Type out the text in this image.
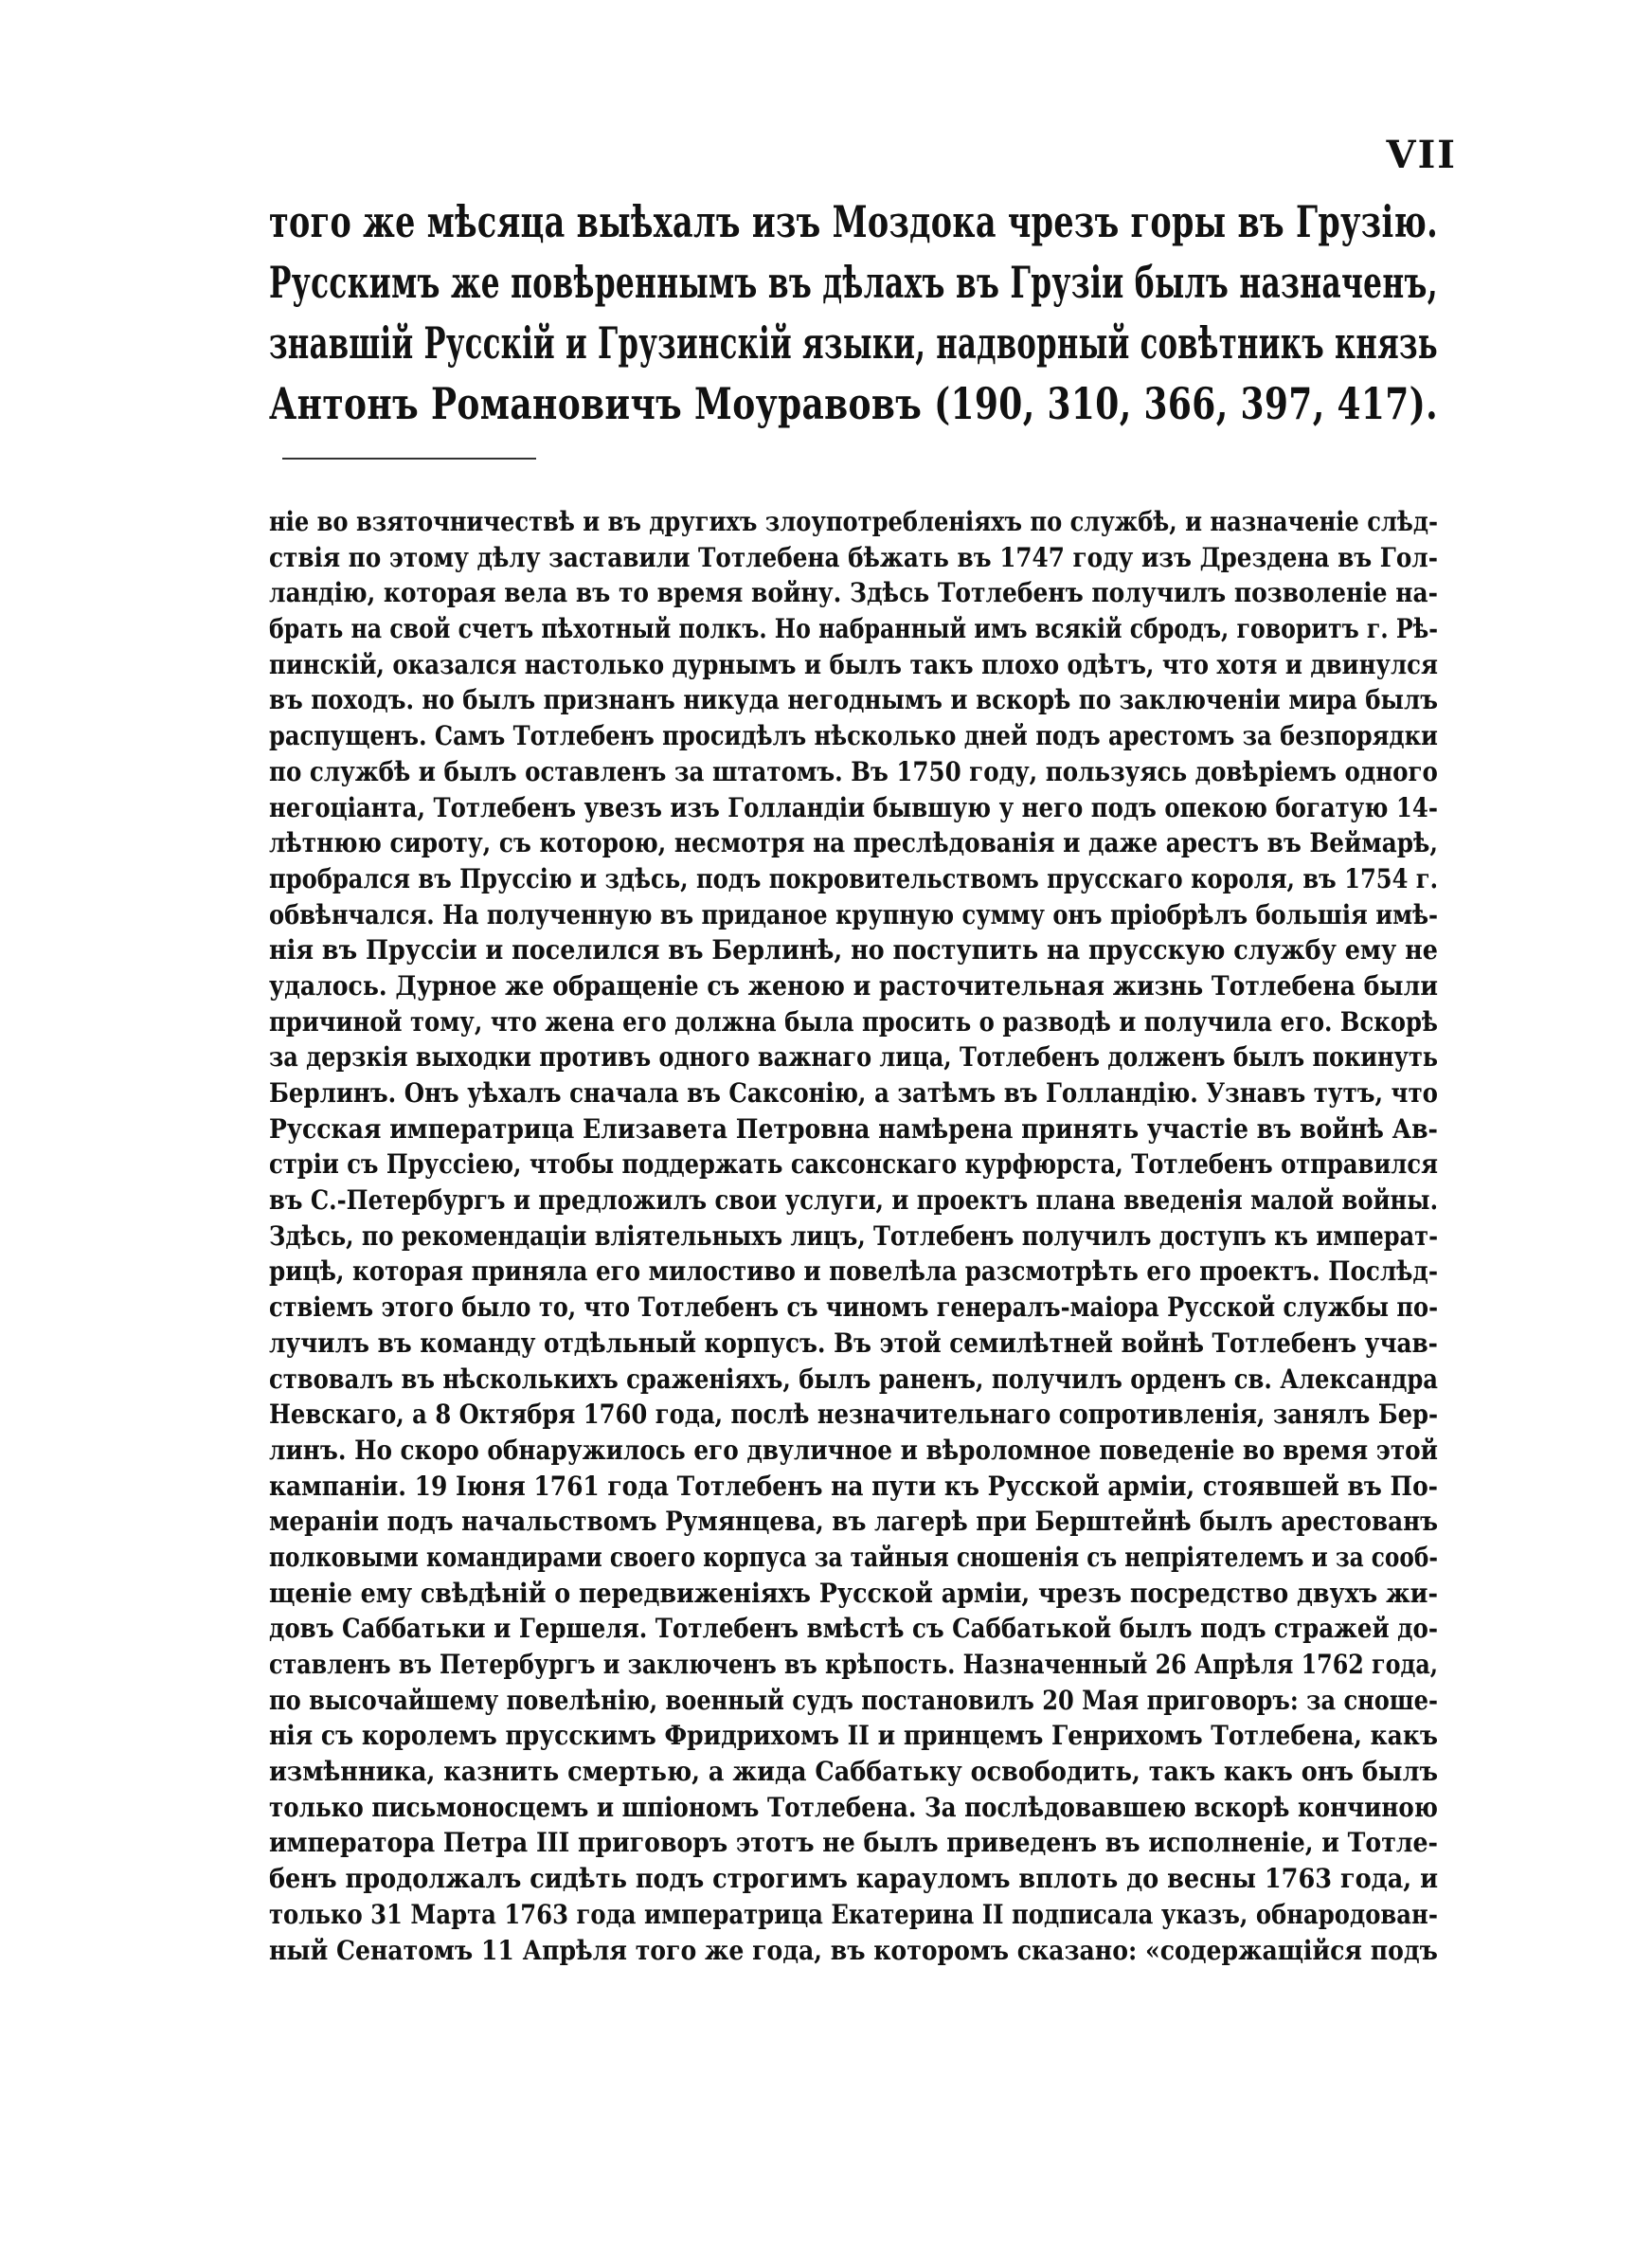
VII
того же мѣсяца выѣхалъ изъ Моздока чрезъ горы въ Грузію.
Русскимъ же повѣреннымъ въ дѣлахъ въ Грузіи былъ назначенъ,
знавшій Русскій и Грузинскій языки, надворный совѣтникъ князь
Антонъ Романовичъ Моуравовъ (190, 310, 366, 397, 417).
ніе во взяточничествѣ и въ другихъ злоупотребленіяхъ по службѣ, и назначеніе слѣд-
ствія по этому дѣлу заставили Тотлебена бѣжать въ 1747 году изъ Дрездена въ Гол-
ландію, которая вела въ то время войну. Здѣсь Тотлебенъ получилъ позволеніе на-
брать на свой счетъ пѣхотный полкъ. Но набранный имъ всякій сбродъ, говоритъ г. Рѣ-
пинскій, оказался настолько дурнымъ и былъ такъ плохо одѣтъ, что хотя и двинулся
въ походъ. но былъ признанъ никуда негоднымъ и вскорѣ по заключеніи мира былъ
распущенъ. Самъ Тотлебенъ просидѣлъ нѣсколько дней подъ арестомъ за безпорядки
по службѣ и былъ оставленъ за штатомъ. Въ 1750 году, пользуясь довѣріемъ одного
негоціанта, Тотлебенъ увезъ изъ Голландіи бывшую у него подъ опекою богатую 14-
лѣтнюю сироту, съ которою, несмотря на преслѣдованія и даже арестъ въ Веймарѣ,
пробрался въ Пруссію и здѣсь, подъ покровительствомъ прусскаго короля, въ 1754 г.
обвѣнчался. На полученную въ приданое крупную сумму онъ пріобрѣлъ большія имѣ-
нія въ Пруссіи и поселился въ Берлинѣ, но поступить на прусскую службу ему не
удалось. Дурное же обращеніе съ женою и расточительная жизнь Тотлебена были
причиной тому, что жена его должна была просить о разводѣ и получила его. Вскорѣ
за дерзкія выходки противъ одного важнаго лица, Тотлебенъ долженъ былъ покинуть
Берлинъ. Онъ уѣхалъ сначала въ Саксонію, а затѣмъ въ Голландію. Узнавъ тутъ, что
Русская императрица Елизавета Петровна намѣрена принять участіе въ войнѣ Ав-
стріи съ Пруссіею, чтобы поддержать саксонскаго курфюрста, Тотлебенъ отправился
въ С.-Петербургъ и предложилъ свои услуги, и проектъ плана введенія малой войны.
Здѣсь, по рекомендаціи вліятельныхъ лицъ, Тотлебенъ получилъ доступъ къ императ-
рицѣ, которая приняла его милостиво и повелѣла разсмотрѣть его проектъ. Послѣд-
ствіемъ этого было то, что Тотлебенъ съ чиномъ генералъ-маіора Русской службы по-
лучилъ въ команду отдѣльный корпусъ. Въ этой семилѣтней войнѣ Тотлебенъ учав-
ствовалъ въ нѣсколькихъ сраженіяхъ, былъ раненъ, получилъ орденъ св. Александра
Невскаго, а 8 Октября 1760 года, послѣ незначительнаго сопротивленія, занялъ Бер-
линъ. Но скоро обнаружилось его двуличное и вѣроломное поведеніе во время этой
кампаніи. 19 Іюня 1761 года Тотлебенъ на пути къ Русской арміи, стоявшей въ По-
мераніи подъ начальствомъ Румянцева, въ лагерѣ при Берштейнѣ былъ арестованъ
полковыми командирами своего корпуса за тайныя сношенія съ непріятелемъ и за сооб-
щеніе ему свѣдѣній о передвиженіяхъ Русской арміи, чрезъ посредство двухъ жи-
довъ Саббатьки и Гершеля. Тотлебенъ вмѣстѣ съ Саббатькой былъ подъ стражей до-
ставленъ въ Петербургъ и заключенъ въ крѣпость. Назначенный 26 Апрѣля 1762 года,
по высочайшему повелѣнію, военный судъ постановилъ 20 Мая приговоръ: за сноше-
нія съ королемъ прусскимъ Фридрихомъ II и принцемъ Генрихомъ Тотлебена, какъ
измѣнника, казнить смертью, а жида Саббатьку освободить, такъ какъ онъ былъ
только письмоносцемъ и шпіономъ Тотлебена. За послѣдовавшею вскорѣ кончиною
императора Петра III приговоръ этотъ не былъ приведенъ въ исполненіе, и Тотле-
бенъ продолжалъ сидѣть подъ строгимъ карауломъ вплоть до весны 1763 года, и
только 31 Марта 1763 года императрица Екатерина II подписала указъ, обнародован-
ный Сенатомъ 11 Апрѣля того же года, въ которомъ сказано: «содержащійся подъ
